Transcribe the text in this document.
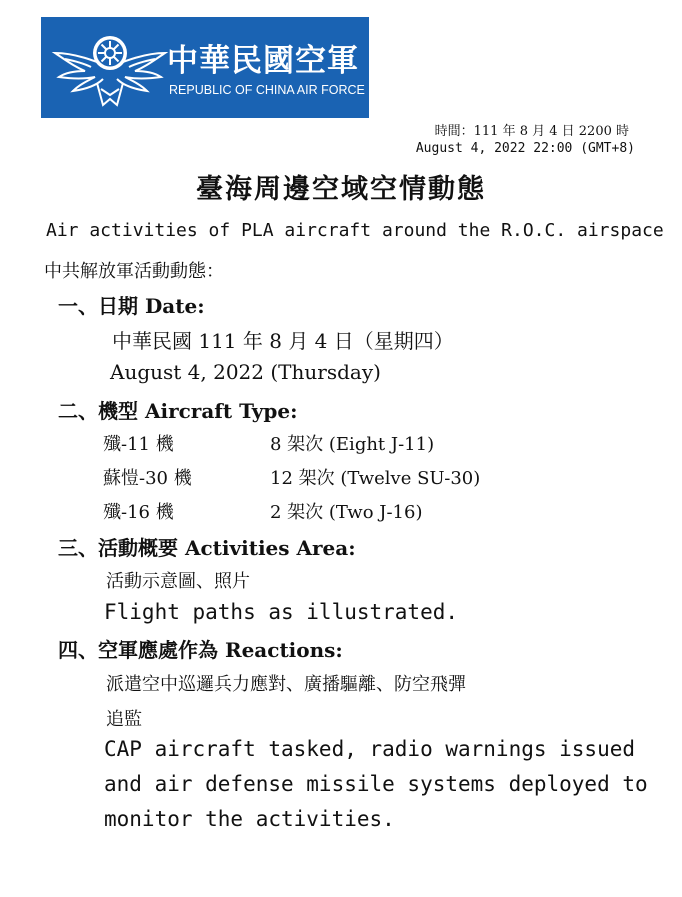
中華民國空軍
REPUBLIC OF CHINA AIR FORCE
時間：111 年 8 月 4 日 2200 時
August 4, 2022 22:00 (GMT+8)
臺海周邊空域空情動態
Air activities of PLA aircraft around the R.O.C. airspace
中共解放軍活動動態：
一、日期 Date:
中華民國 111 年 8 月 4 日（星期四）
August 4, 2022 (Thursday)
二、機型 Aircraft Type:
殲-11 機	8 架次 (Eight J-11)
蘇愷-30 機	12 架次 (Twelve SU-30)
殲-16 機	2 架次 (Two J-16)
三、活動概要 Activities Area:
活動示意圖、照片
Flight paths as illustrated.
四、空軍應處作為 Reactions:
派遣空中巡邏兵力應對、廣播驅離、防空飛彈
追監
CAP aircraft tasked, radio warnings issued
and air defense missile systems deployed to
monitor the activities.
